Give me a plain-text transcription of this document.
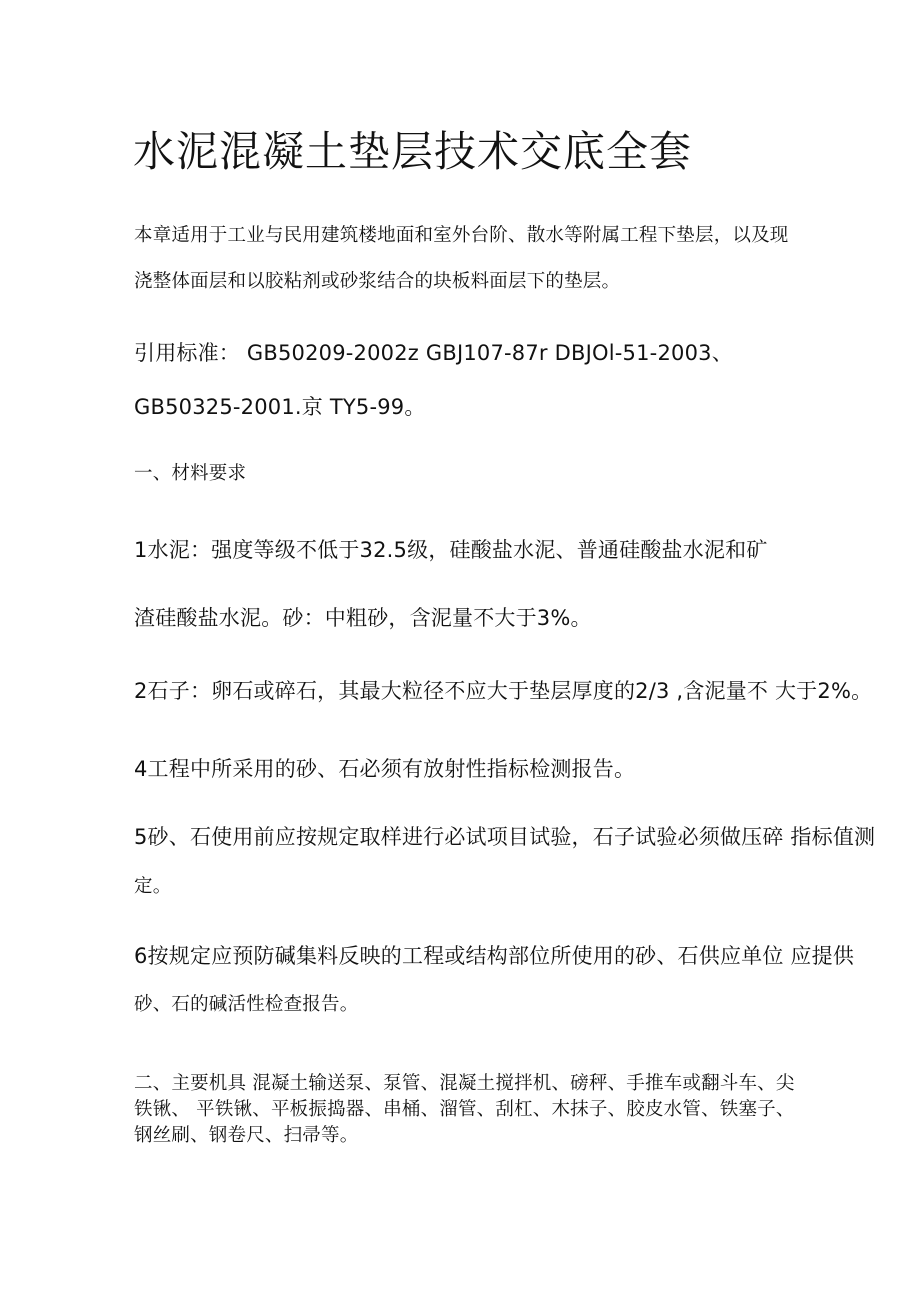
水泥混凝土垫层技术交底全套
本章适用于工业与民用建筑楼地面和室外台阶、散水等附属工程下垫层，以及现
浇整体面层和以胶粘剂或砂浆结合的块板料面层下的垫层。
引用标准： GB50209-2002z GBJ107-87r DBJOl-51-2003、
GB50325-2001.京 TY5-99。
一、材料要求
1水泥：强度等级不低于32.5级，硅酸盐水泥、普通硅酸盐水泥和矿
渣硅酸盐水泥。砂：中粗砂，含泥量不大于3%。
2石子：卵石或碎石，其最大粒径不应大于垫层厚度的2/3 ,含泥量不 大于2%。
4工程中所采用的砂、石必须有放射性指标检测报告。
5砂、石使用前应按规定取样进行必试项目试验，石子试验必须做压碎 指标值测
定。
6按规定应预防碱集料反映的工程或结构部位所使用的砂、石供应单位 应提供
砂、石的碱活性检查报告。
二、主要机具 混凝土输送泵、泵管、混凝土搅拌机、磅秤、手推车或翻斗车、尖
铁锹、 平铁锹、平板振捣器、串桶、溜管、刮杠、木抹子、胶皮水管、铁塞子、
钢丝刷、钢卷尺、扫帚等。
